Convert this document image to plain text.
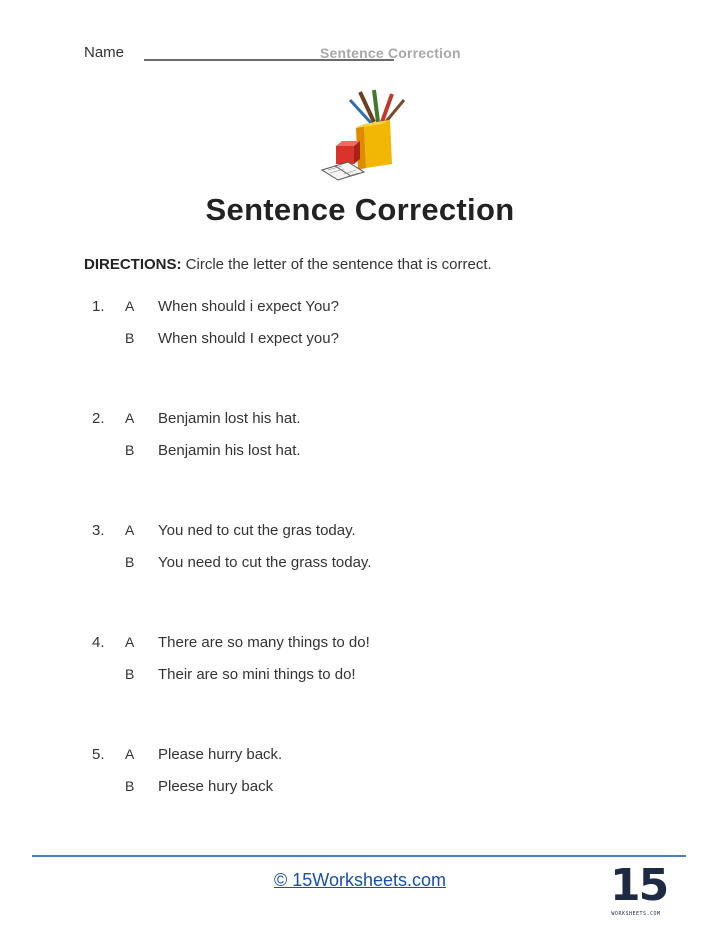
Name	Sentence Correction
Sentence Correction
DIRECTIONS: Circle the letter of the sentence that is correct.
1. A When should i expect You?
B When should I expect you?
2. A Benjamin lost his hat.
B Benjamin his lost hat.
3. A You ned to cut the gras today.
B You need to cut the grass today.
4. A There are so many things to do!
B Their are so mini things to do!
5. A Please hurry back.
B Pleese hury back
© 15Worksheets.com	15
WORKSHEETS.COM
